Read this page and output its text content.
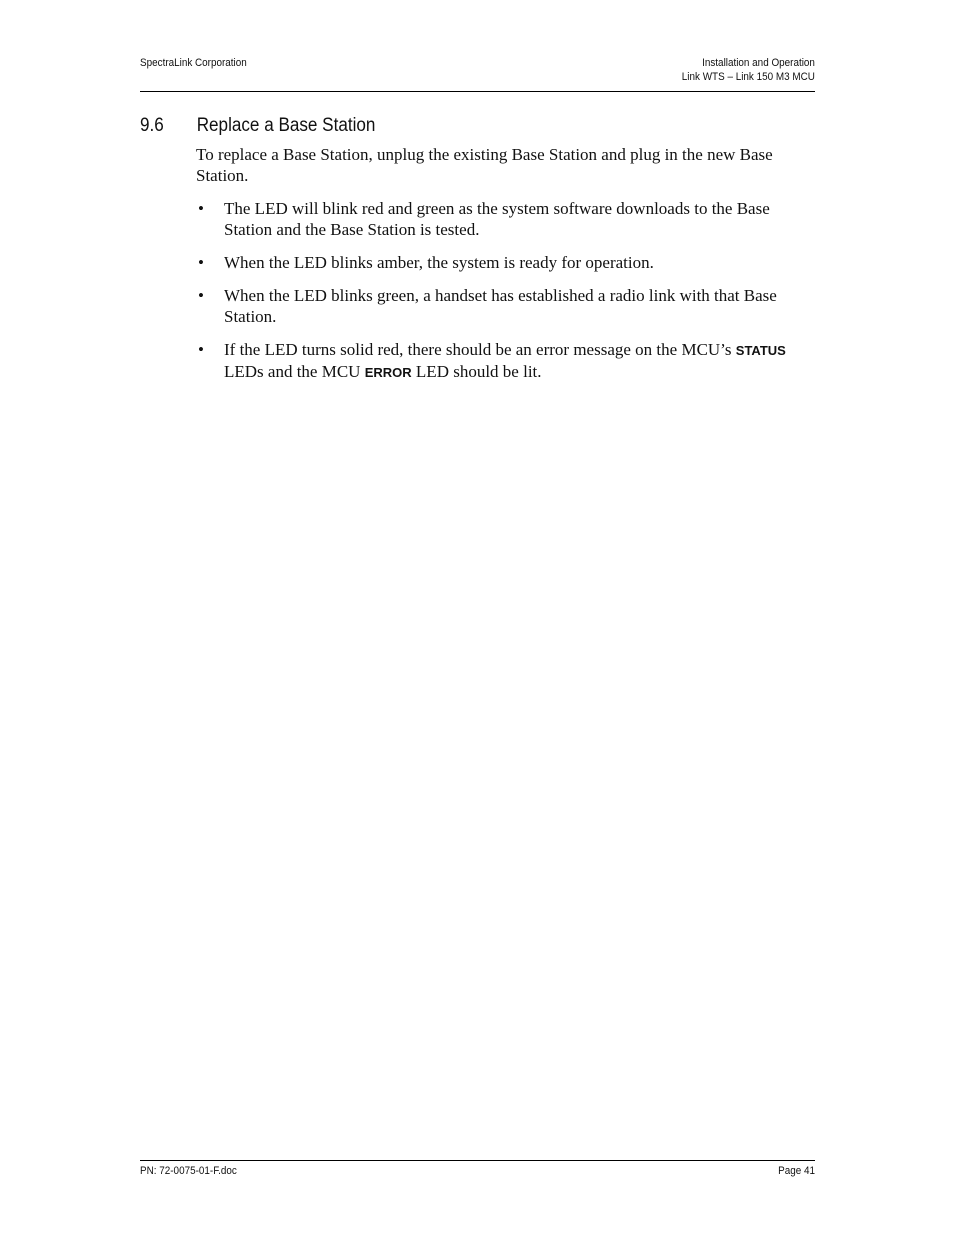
SpectraLink Corporation	Installation and Operation
Link WTS – Link 150 M3 MCU
9.6	Replace a Base Station

To replace a Base Station, unplug the existing Base Station and plug in the new Base Station.

• The LED will blink red and green as the system software downloads to the Base Station and the Base Station is tested.
• When the LED blinks amber, the system is ready for operation.
• When the LED blinks green, a handset has established a radio link with that Base Station.
• If the LED turns solid red, there should be an error message on the MCU’s STATUS LEDs and the MCU ERROR LED should be lit.
PN: 72-0075-01-F.doc	Page 41
